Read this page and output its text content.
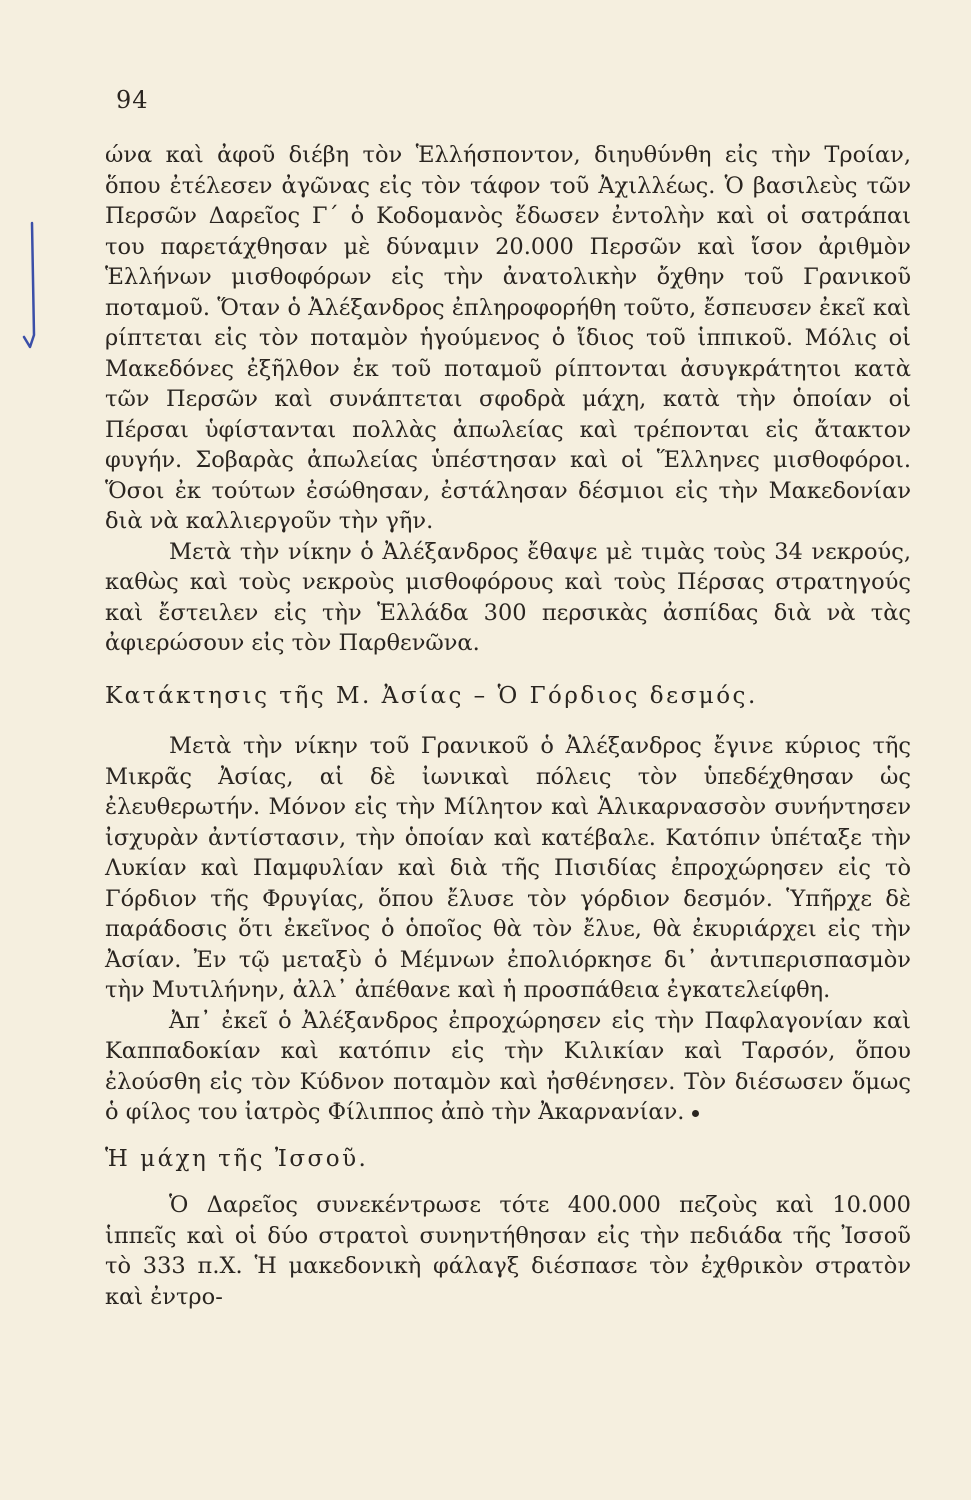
94

ώνα καὶ ἀφοῦ διέβη τὸν Ἑλλήσποντον, διηυθύνθη εἰς τὴν Τροίαν, ὅπου ἐτέλεσεν ἀγῶνας εἰς τὸν τάφον τοῦ Ἀχιλλέως. Ὁ βασιλεὺς τῶν Περσῶν Δαρεῖος Γ΄ ὁ Κοδομανὸς ἔδωσεν ἐντολὴν καὶ οἱ σατράπαι του παρετάχθησαν μὲ δύναμιν 20.000 Περσῶν καὶ ἴσον ἀριθμὸν Ἑλλήνων μισθοφόρων εἰς τὴν ἀνατολικὴν ὄχθην τοῦ Γρανικοῦ ποταμοῦ. Ὅταν ὁ Ἀλέξανδρος ἐπληροφορήθη τοῦτο, ἔσπευσεν ἐκεῖ καὶ ρίπτεται εἰς τὸν ποταμὸν ἡγούμενος ὁ ἴδιος τοῦ ἱππικοῦ. Μόλις οἱ Μακεδόνες ἐξῆλθον ἐκ τοῦ ποταμοῦ ρίπτονται ἀσυγκράτητοι κατὰ τῶν Περσῶν καὶ συνάπτεται σφοδρὰ μάχη, κατὰ τὴν ὁποίαν οἱ Πέρσαι ὑφίστανται πολλὰς ἀπωλείας καὶ τρέπονται εἰς ἄτακτον φυγήν. Σοβαρὰς ἀπωλείας ὑπέστησαν καὶ οἱ Ἕλληνες μισθοφόροι. Ὅσοι ἐκ τούτων ἐσώθησαν, ἐστάλησαν δέσμιοι εἰς τὴν Μακεδονίαν διὰ νὰ καλλιεργοῦν τὴν γῆν.

Μετὰ τὴν νίκην ὁ Ἀλέξανδρος ἔθαψε μὲ τιμὰς τοὺς 34 νεκρούς, καθὼς καὶ τοὺς νεκροὺς μισθοφόρους καὶ τοὺς Πέρσας στρατηγούς καὶ ἔστειλεν εἰς τὴν Ἑλλάδα 300 περσικὰς ἀσπίδας διὰ νὰ τὰς ἀφιερώσουν εἰς τὸν Παρθενῶνα.

Κατάκτησις τῆς Μ. Ἀσίας – Ὁ Γόρδιος δεσμός.

Μετὰ τὴν νίκην τοῦ Γρανικοῦ ὁ Ἀλέξανδρος ἔγινε κύριος τῆς Μικρᾶς Ἀσίας, αἱ δὲ ἰωνικαὶ πόλεις τὸν ὑπεδέχθησαν ὡς ἐλευθερωτήν. Μόνον εἰς τὴν Μίλητον καὶ Ἁλικαρνασσὸν συνήντησεν ἰσχυρὰν ἀντίστασιν, τὴν ὁποίαν καὶ κατέβαλε. Κατόπιν ὑπέταξε τὴν Λυκίαν καὶ Παμφυλίαν καὶ διὰ τῆς Πισιδίας ἐπροχώρησεν εἰς τὸ Γόρδιον τῆς Φρυγίας, ὅπου ἔλυσε τὸν γόρδιον δεσμόν. Ὑπῆρχε δὲ παράδοσις ὅτι ἐκεῖνος ὁ ὁποῖος θὰ τὸν ἔλυε, θὰ ἐκυριάρχει εἰς τὴν Ἀσίαν. Ἐν τῷ μεταξὺ ὁ Μέμνων ἐπολιόρκησε δι᾽ ἀντιπερισπασμὸν τὴν Μυτιλήνην, ἀλλ᾽ ἀπέθανε καὶ ἡ προσπάθεια ἐγκατελείφθη.

Ἀπ᾽ ἐκεῖ ὁ Ἀλέξανδρος ἐπροχώρησεν εἰς τὴν Παφλαγονίαν καὶ Καππαδοκίαν καὶ κατόπιν εἰς τὴν Κιλικίαν καὶ Ταρσόν, ὅπου ἐλούσθη εἰς τὸν Κύδνον ποταμὸν καὶ ἠσθένησεν. Τὸν διέσωσεν ὅμως ὁ φίλος του ἰατρὸς Φίλιππος ἀπὸ τὴν Ἀκαρνανίαν.

Ἡ μάχη τῆς Ἰσσοῦ.

Ὁ Δαρεῖος συνεκέντρωσε τότε 400.000 πεζοὺς καὶ 10.000 ἱππεῖς καὶ οἱ δύο στρατοὶ συνηντήθησαν εἰς τὴν πεδιάδα τῆς Ἰσσοῦ τὸ 333 π.Χ. Ἡ μακεδονικὴ φάλαγξ διέσπασε τὸν ἐχθρικὸν στρατὸν καὶ ἐντρο-
